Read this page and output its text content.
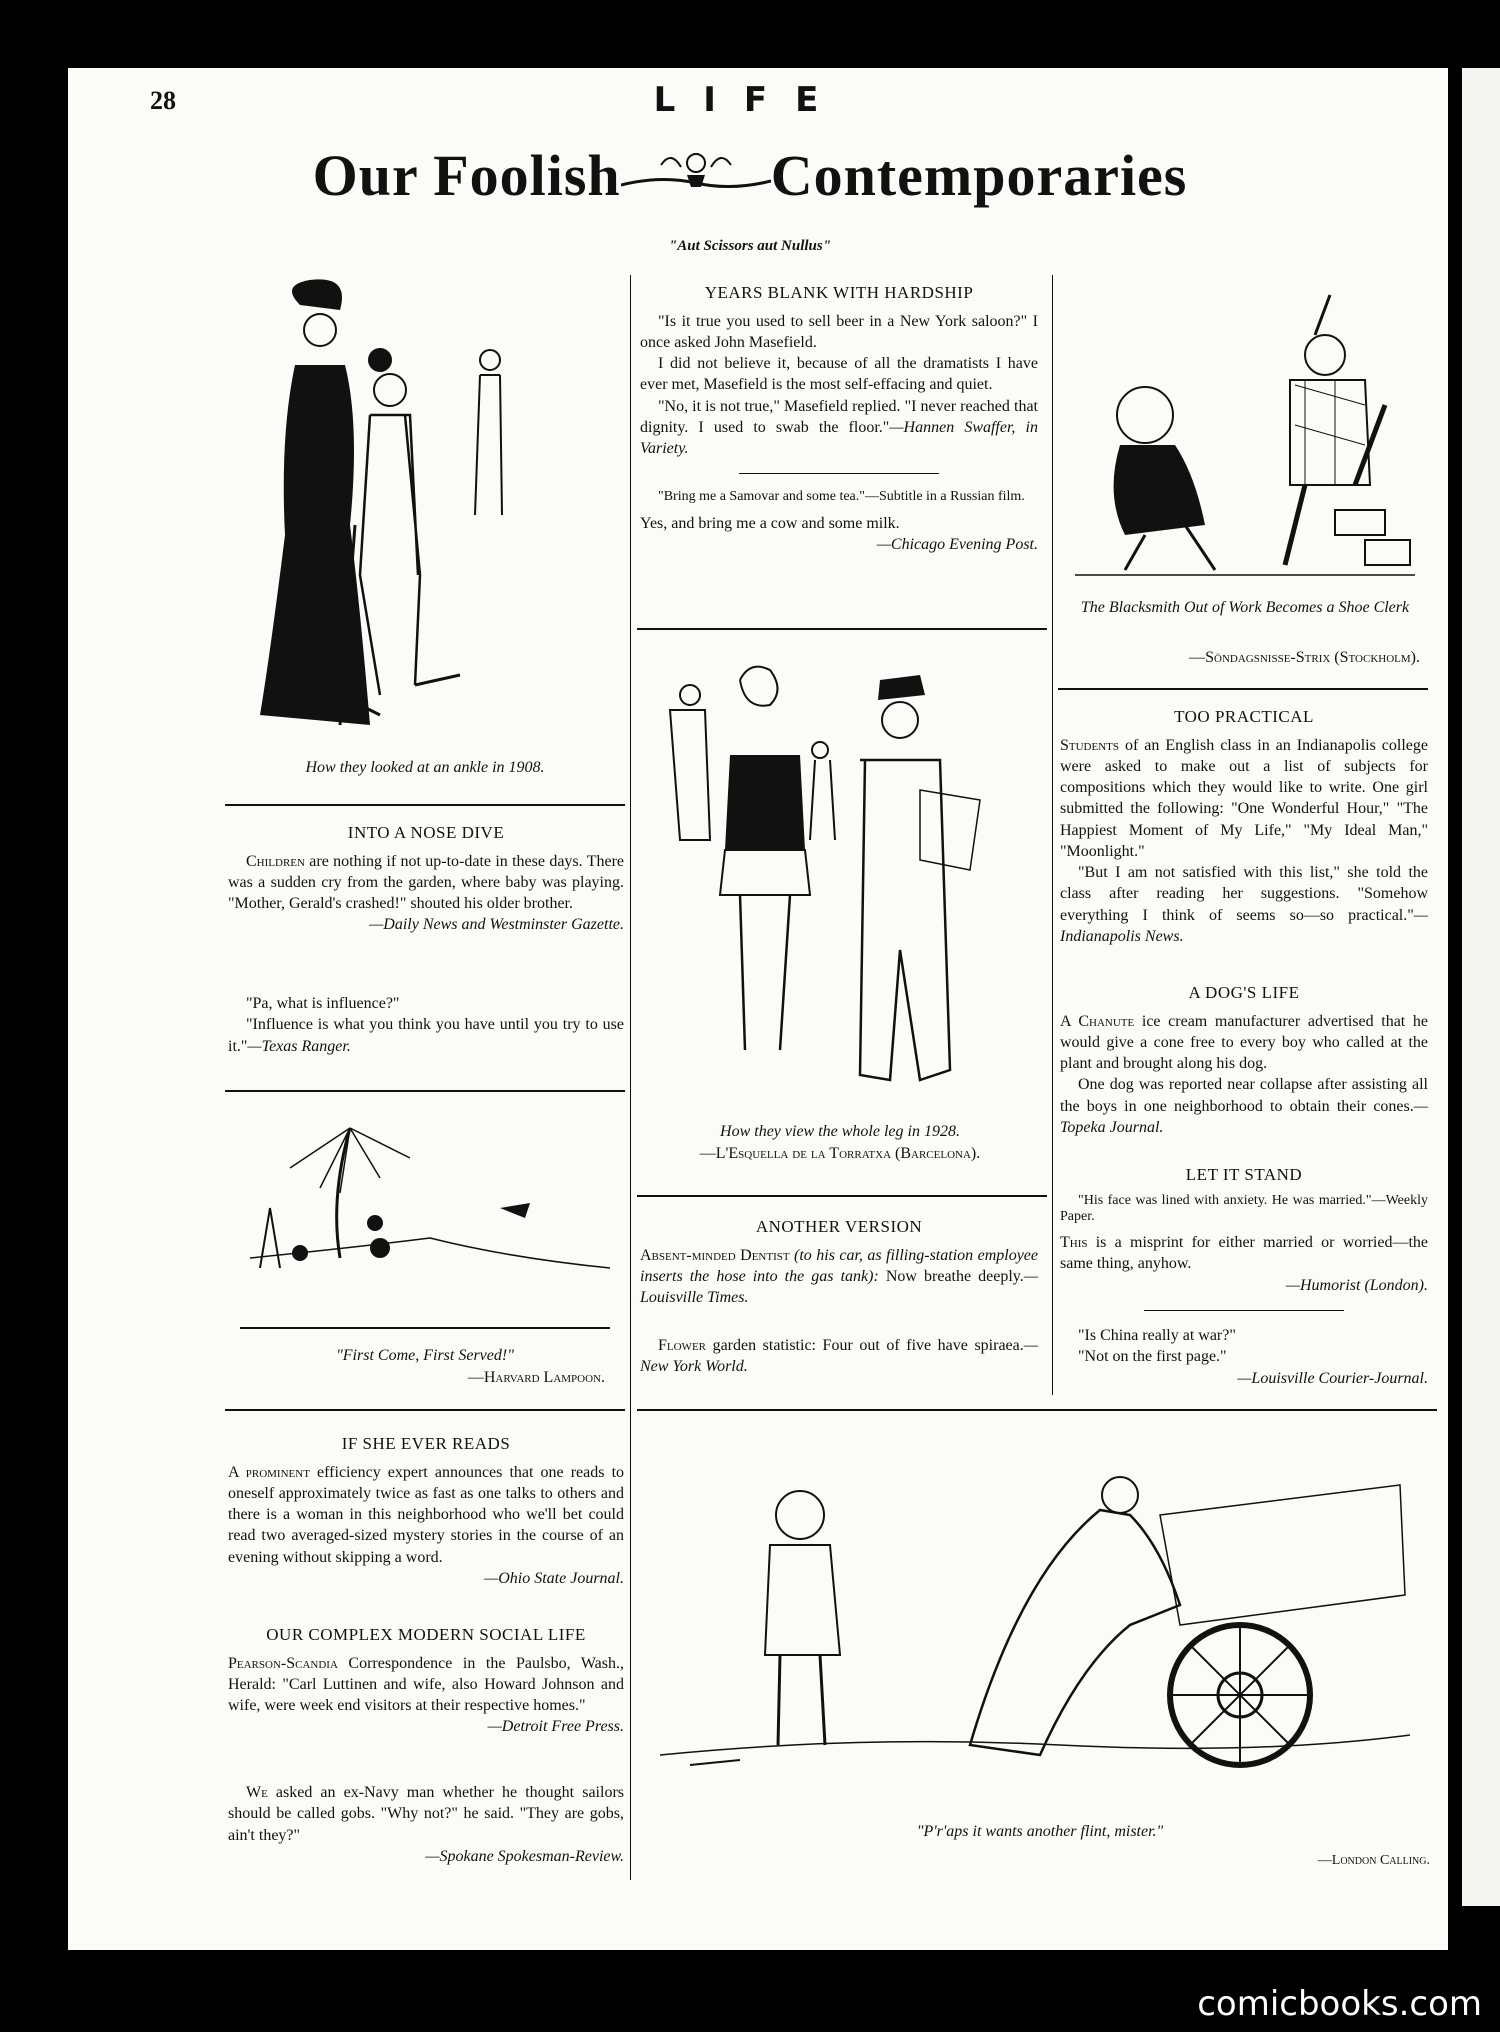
28	LIFE
Our Foolish	Contemporaries
"Aut Scissors aut Nullus"
How they looked at an ankle in 1908.
INTO A NOSE DIVE

Children are nothing if not up-to-date in these days. There was a sudden cry from the garden, where baby was playing. "Mother, Gerald's crashed!" shouted his older brother.

—Daily News and Westminster Gazette.

"Pa, what is influence?"

"Influence is what you think you have until you try to use it."—Texas Ranger.

"First Come, First Served!"
—Harvard Lampoon.
IF SHE EVER READS

A prominent efficiency expert announces that one reads to oneself approximately twice as fast as one talks to others and there is a woman in this neighborhood who we'll bet could read two averaged-sized mystery stories in the course of an evening without skipping a word.

—Ohio State Journal.
OUR COMPLEX MODERN SOCIAL LIFE

Pearson-Scandia Correspondence in the Paulsbo, Wash., Herald: "Carl Luttinen and wife, also Howard Johnson and wife, were week end visitors at their respective homes."

—Detroit Free Press.

We asked an ex-Navy man whether he thought sailors should be called gobs. "Why not?" he said. "They are gobs, ain't they?"

—Spokane Spokesman-Review.
YEARS BLANK WITH HARDSHIP

"Is it true you used to sell beer in a New York saloon?" I once asked John Masefield.

I did not believe it, because of all the dramatists I have ever met, Masefield is the most self-effacing and quiet.

"No, it is not true," Masefield replied. "I never reached that dignity. I used to swab the floor."—Hannen Swaffer, in Variety.

"Bring me a Samovar and some tea."—Subtitle in a Russian film.

Yes, and bring me a cow and some milk.

—Chicago Evening Post.
How they view the whole leg in 1928.
—L'Esquella de la Torratxa (Barcelona).
ANOTHER VERSION

Absent-minded Dentist (to his car, as filling-station employee inserts the hose into the gas tank): Now breathe deeply.—Louisville Times.

Flower garden statistic: Four out of five have spiraea.—New York World.

The Blacksmith Out of Work Becomes a Shoe Clerk
—Söndagsnisse-Strix (Stockholm).
TOO PRACTICAL

Students of an English class in an Indianapolis college were asked to make out a list of subjects for compositions which they would like to write. One girl submitted the following: "One Wonderful Hour," "The Happiest Moment of My Life," "My Ideal Man," "Moonlight."

"But I am not satisfied with this list," she told the class after reading her suggestions. "Somehow everything I think of seems so—so practical."—Indianapolis News.

A DOG'S LIFE

A Chanute ice cream manufacturer advertised that he would give a cone free to every boy who called at the plant and brought along his dog.

One dog was reported near collapse after assisting all the boys in one neighborhood to obtain their cones.—Topeka Journal.

LET IT STAND

"His face was lined with anxiety. He was married."—Weekly Paper.

This is a misprint for either married or worried—the same thing, anyhow.

—Humorist (London).

"Is China really at war?"

"Not on the first page."

—Louisville Courier-Journal.
"P'r'aps it wants another flint, mister."
—London Calling.
comicbooks.com
